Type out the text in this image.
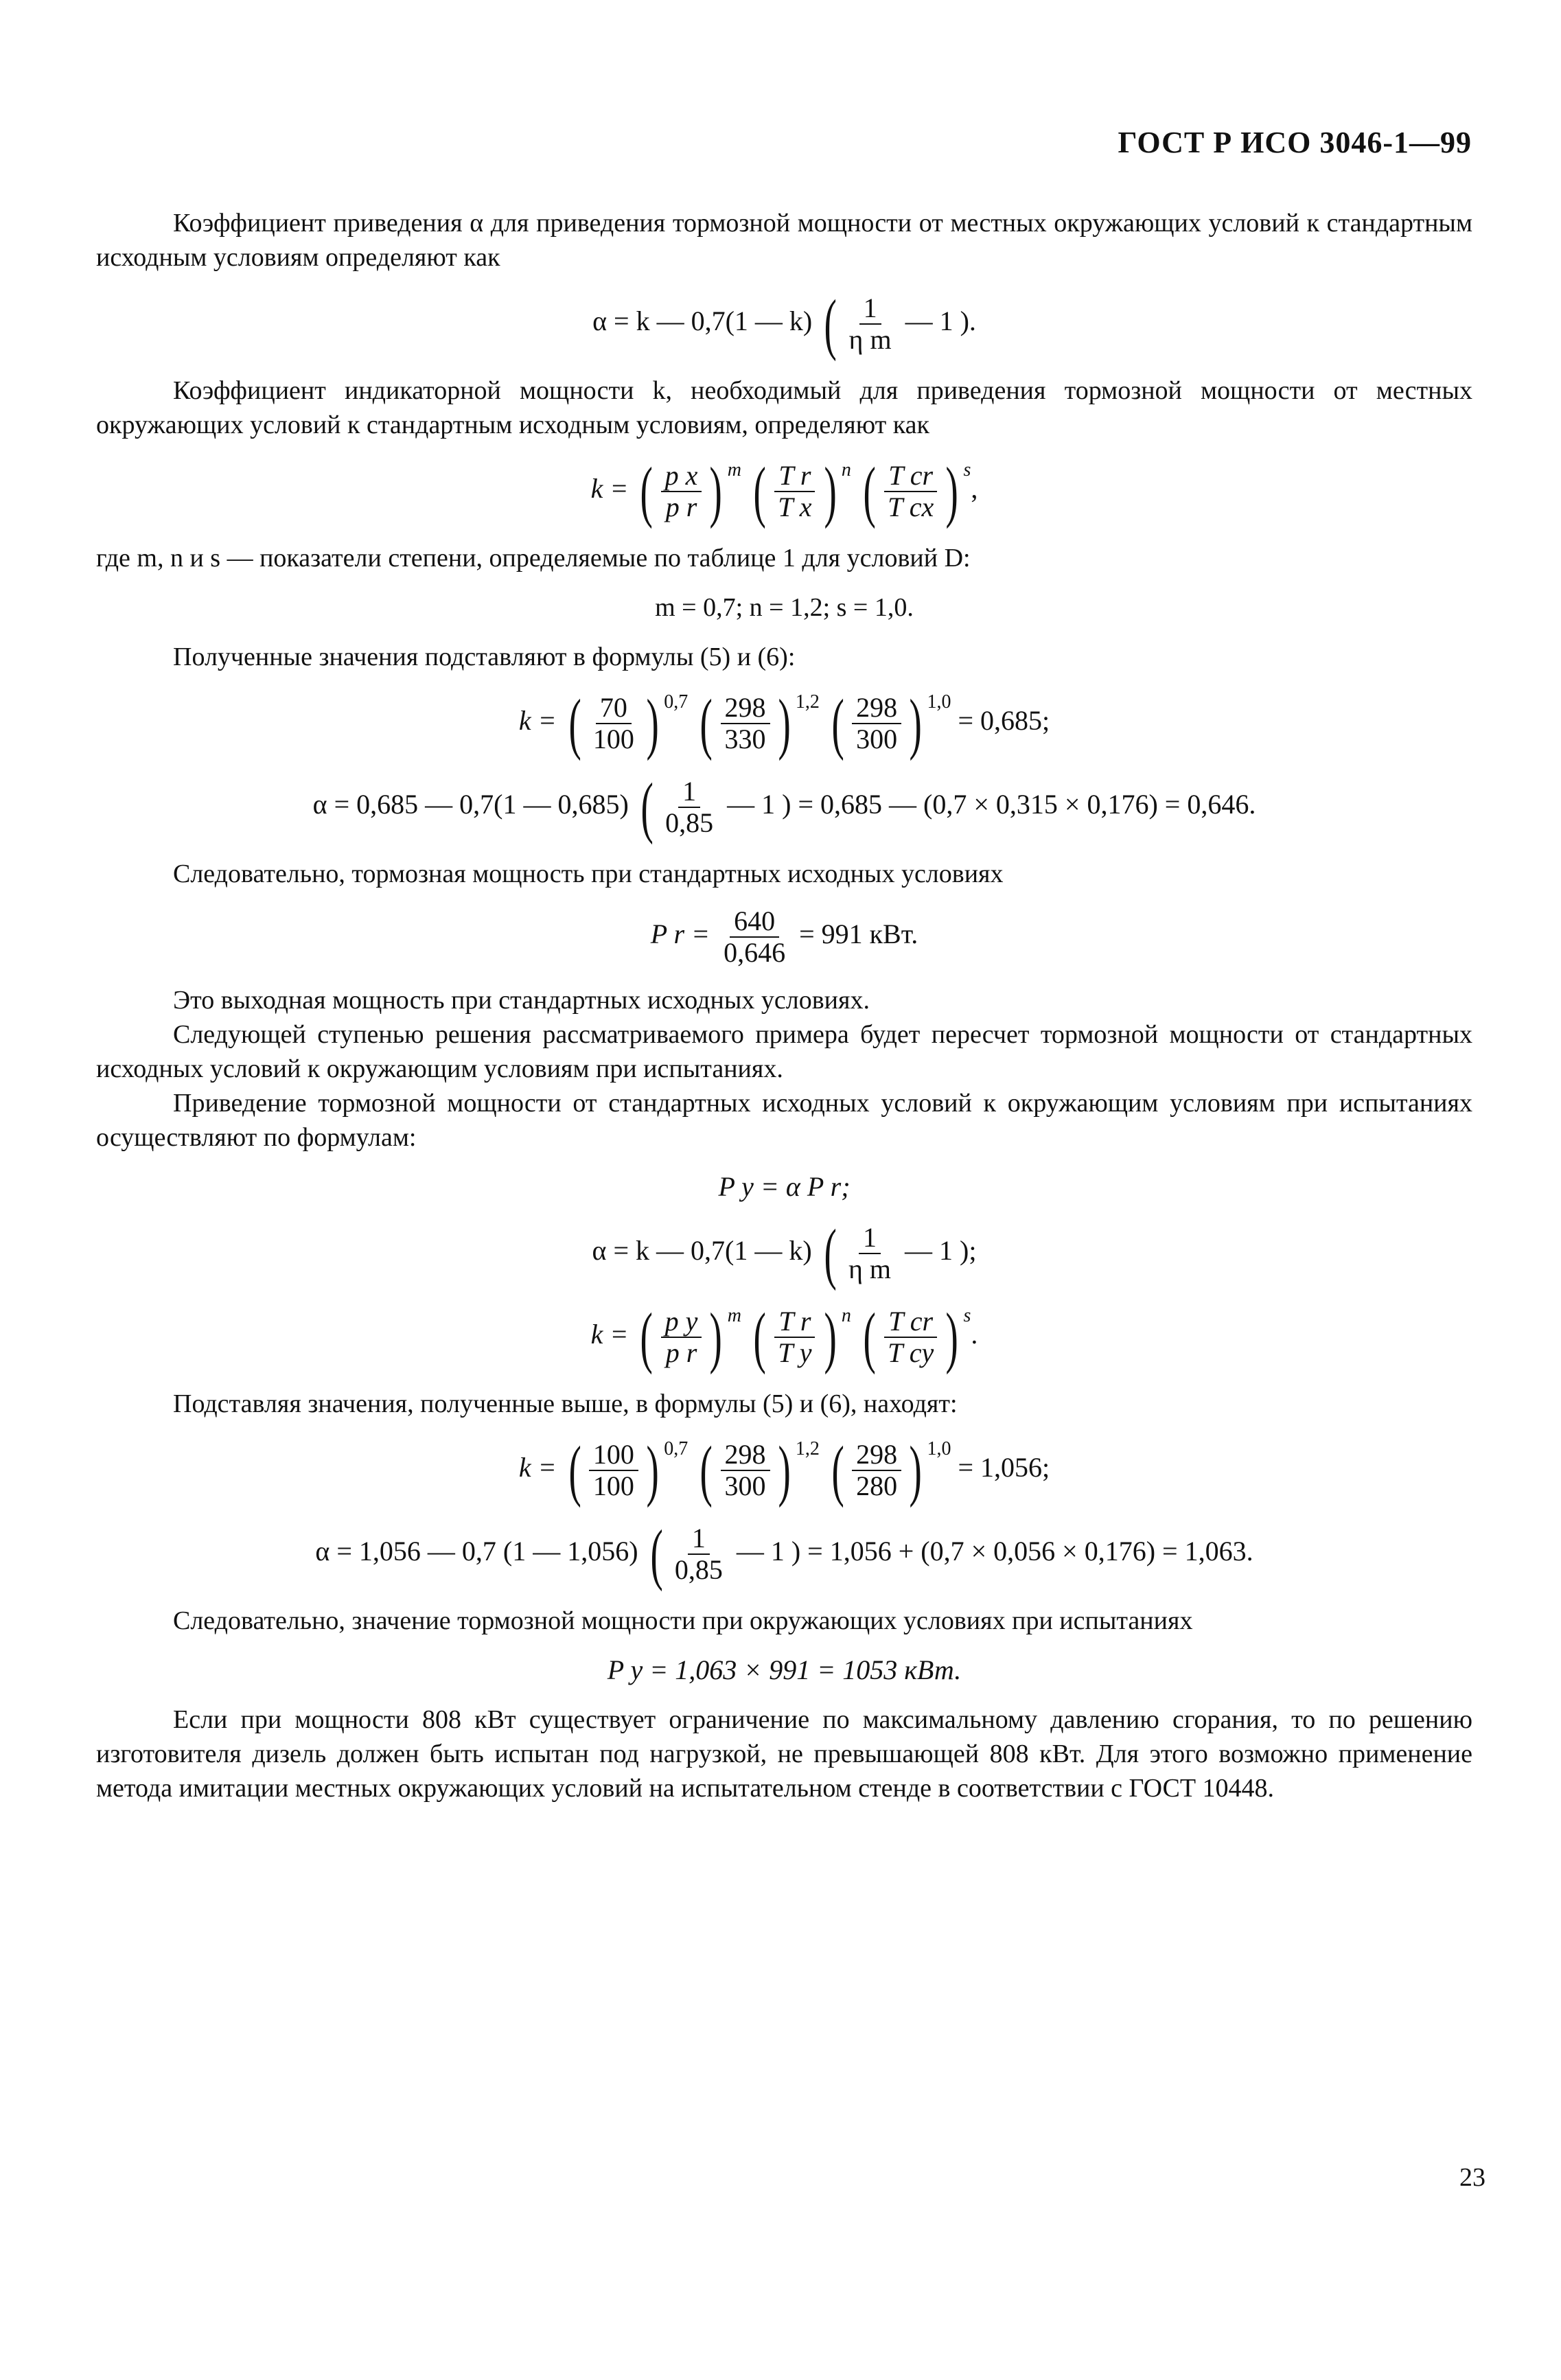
ГОСТ Р ИСО 3046-1—99

Коэффициент приведения α для приведения тормозной мощности от местных окружающих условий к стандартным исходным условиям определяют как

α = k — 0,7(1 — k) ( $\frac{1}{\text{η m}}$ — 1 ).

Коэффициент индикаторной мощности k, необходимый для приведения тормозной мощности от местных окружающих условий к стандартным исходным условиям, определяют как

k = ( $\frac{\text{p x}}{\text{p r}}$ ) $^m$ ( $\frac{\text{T r}}{\text{T x}}$ ) $^n$ ( $\frac{\text{T cr}}{\text{T cx}}$ ) $^s$,

где m, n и s — показатели степени, определяемые по таблице 1 для условий D:

m = 0,7; n = 1,2; s = 1,0.

Полученные значения подставляют в формулы (5) и (6):

k = ( $\frac{70}{100}$ ) $^{0,7}$ ( $\frac{298}{330}$ ) $^{1,2}$ ( $\frac{298}{300}$ ) $^{1,0}$ = 0,685;
α = 0,685 — 0,7(1 — 0,685) ( $\frac{1}{0,85}$ — 1 ) = 0,685 — (0,7 × 0,315 × 0,176) = 0,646.

Следовательно, тормозная мощность при стандартных исходных условиях

P $r = \frac{640}{0,646} = 991$ кВт.

Это выходная мощность при стандартных исходных условиях.

Следующей ступенью решения рассматриваемого примера будет пересчет тормозной мощности от стандартных исходных условий к окружающим условиям при испытаниях.

Приведение тормозной мощности от стандартных исходных условий к окружающим условиям при испытаниях осуществляют по формулам:

P y = α P r;
α = k — 0,7(1 — k) ( $\frac{1}{\text{η m}}$ — 1 );
k = ( $\frac{\text{p y}}{\text{p r}}$ ) $^m$ ( $\frac{\text{T r}}{\text{T y}}$ ) $^n$ ( $\frac{\text{T cr}}{\text{T cy}}$ ) $^s$.

Подставляя значения, полученные выше, в формулы (5) и (6), находят:

k = ( $\frac{100}{100}$ ) $^{0,7}$ ( $\frac{298}{300}$ ) $^{1,2}$ ( $\frac{298}{280}$ ) $^{1,0}$ = 1,056;
α = 1,056 — 0,7 (1 — 1,056) ( $\frac{1}{0,85}$ — 1 ) = 1,056 + (0,7 × 0,056 × 0,176) = 1,063.

Следовательно, значение тормозной мощности при окружающих условиях при испытаниях

P y = 1,063 × 991 = 1053 кВт.

Если при мощности 808 кВт существует ограничение по максимальному давлению сгорания, то по решению изготовителя дизель должен быть испытан под нагрузкой, не превышающей 808 кВт. Для этого возможно применение метода имитации местных окружающих условий на испытательном стенде в соответствии с ГОСТ 10448.

23
